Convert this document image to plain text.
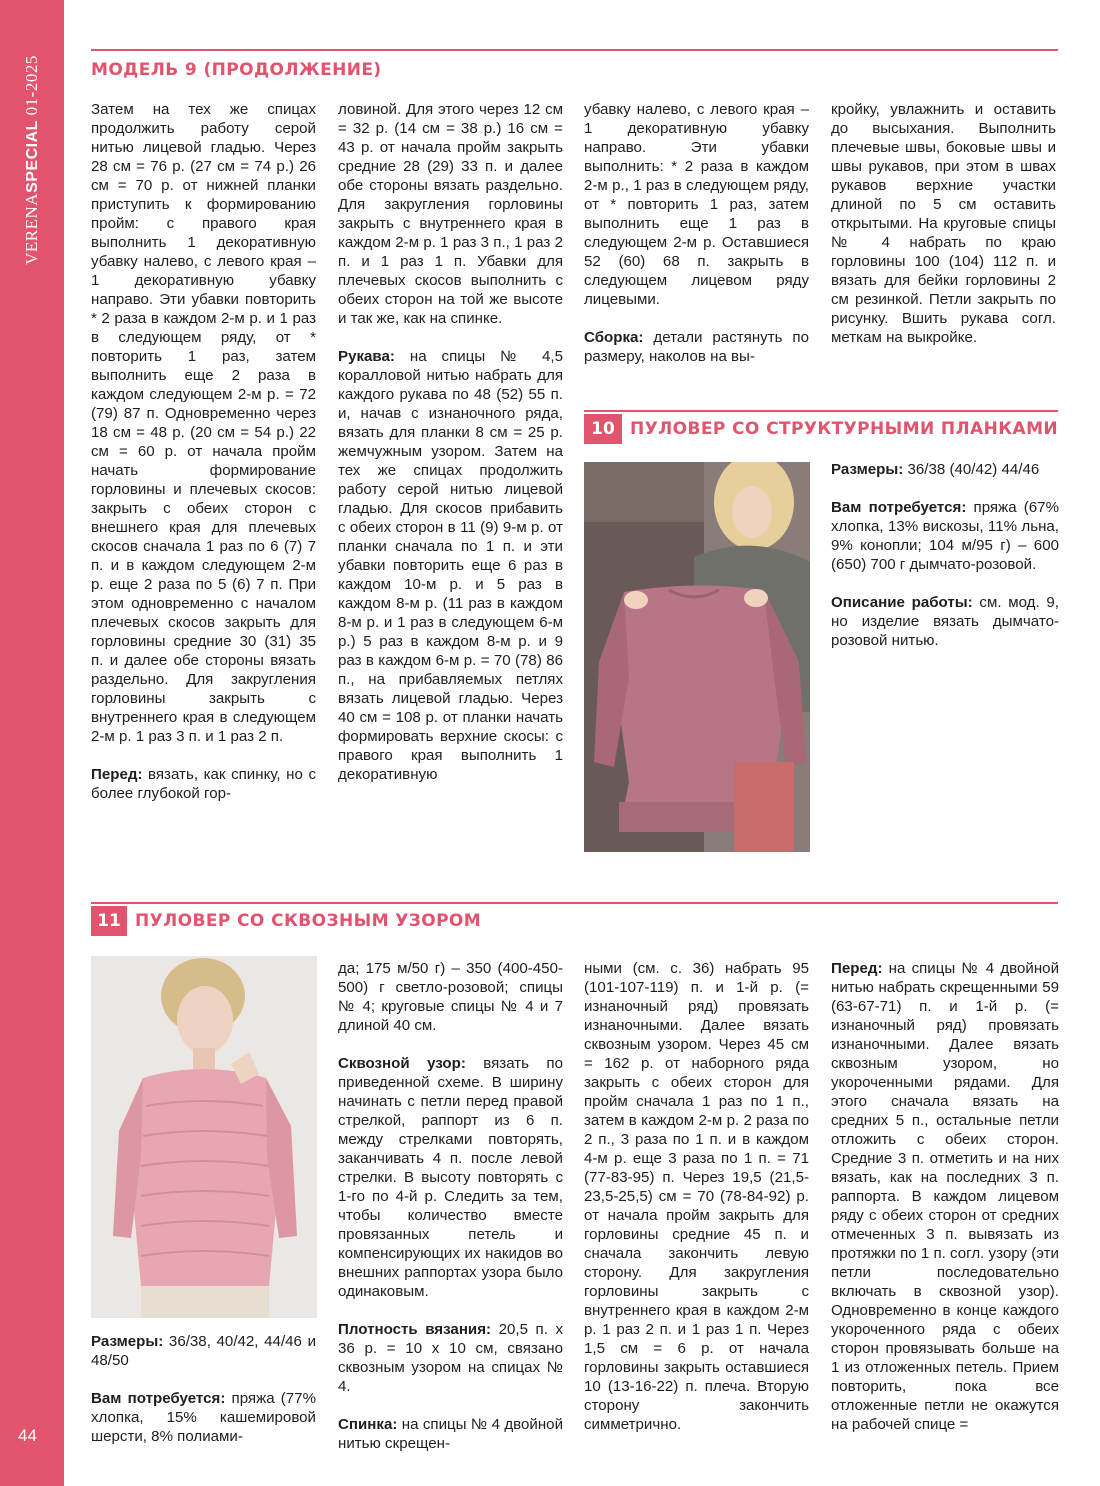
VERENASPECIAL 01-2025
44
МОДЕЛЬ 9 (ПРОДОЛЖЕНИЕ)

Затем на тех же спицах продолжить работу серой нитью лицевой гладью. Через 28 см = 76 р. (27 см = 74 р.) 26 см = 70 р. от нижней планки приступить к формированию пройм: с правого края выполнить 1 декоративную убавку налево, с левого края – 1 декоративную убавку направо. Эти убавки повторить * 2 раза в каждом 2-м р. и 1 раз в следующем ряду, от * повторить 1 раз, затем выполнить еще 2 раза в каждом следующем 2-м р. = 72 (79) 87 п. Одновременно через 18 см = 48 р. (20 см = 54 р.) 22 см = 60 р. от начала пройм начать формирование горловины и плечевых скосов: закрыть с обеих сторон с внешнего края для плечевых скосов сначала 1 раз по 6 (7) 7 п. и в каждом следующем 2-м р. еще 2 раза по 5 (6) 7 п. При этом одновременно с началом плечевых скосов закрыть для горловины средние 30 (31) 35 п. и далее обе стороны вязать раздельно. Для закругления горловины закрыть с внутреннего края в следующем 2-м р. 1 раз 3 п. и 1 раз 2 п.

Перед: вязать, как спинку, но с более глубокой гор-

ловиной. Для этого через 12 см = 32 р. (14 см = 38 р.) 16 см = 43 р. от начала пройм закрыть средние 28 (29) 33 п. и далее обе стороны вязать раздельно. Для закругления горловины закрыть с внутреннего края в каждом 2-м р. 1 раз 3 п., 1 раз 2 п. и 1 раз 1 п. Убавки для плечевых скосов выполнить с обеих сторон на той же высоте и так же, как на спинке.

Рукава: на спицы № 4,5 коралловой нитью набрать для каждого рукава по 48 (52) 55 п. и, начав с изнаночного ряда, вязать для планки 8 см = 25 р. жемчужным узором. Затем на тех же спицах продолжить работу серой нитью лицевой гладью. Для скосов прибавить с обеих сторон в 11 (9) 9-м р. от планки сначала по 1 п. и эти убавки повторить еще 6 раз в каждом 10-м р. и 5 раз в каждом 8-м р. (11 раз в каждом 8-м р. и 1 раз в следующем 6-м р.) 5 раз в каждом 8-м р. и 9 раз в каждом 6-м р. = 70 (78) 86 п., на прибавляемых петлях вязать лицевой гладью. Через 40 см = 108 р. от планки начать формировать верхние скосы: с правого края выполнить 1 декоративную

убавку налево, с левого края – 1 декоративную убавку направо. Эти убавки выполнить: * 2 раза в каждом 2-м р., 1 раз в следующем ряду, от * повторить 1 раз, затем выполнить еще 1 раз в следующем 2-м р. Оставшиеся 52 (60) 68 п. закрыть в следующем лицевом ряду лицевыми.

Сборка: детали растянуть по размеру, наколов на вы-

кройку, увлажнить и оставить до высыхания. Выполнить плечевые швы, боковые швы и швы рукавов, при этом в швах рукавов верхние участки длиной по 5 см оставить открытыми. На круговые спицы № 4 набрать по краю горловины 100 (104) 112 п. и вязать для бейки горловины 2 см резинкой. Петли закрыть по рисунку. Вшить рукава согл. меткам на выкройке.

10 ПУЛОВЕР СО СТРУКТУРНЫМИ ПЛАНКАМИ

Размеры: 36/38 (40/42) 44/46

Вам потребуется: пряжа (67% хлопка, 13% вискозы, 11% льна, 9% конопли; 104 м/95 г) – 600 (650) 700 г дымчато-розовой.

Описание работы: см. мод. 9, но изделие вязать дымчато-розовой нитью.

11 ПУЛОВЕР СО СКВОЗНЫМ УЗОРОМ

Размеры: 36/38, 40/42, 44/46 и 48/50

Вам потребуется: пряжа (77% хлопка, 15% кашемировой шерсти, 8% полиами-

да; 175 м/50 г) – 350 (400-450-500) г светло-розовой; спицы № 4; круговые спицы № 4 и 7 длиной 40 см.

Сквозной узор: вязать по приведенной схеме. В ширину начинать с петли перед правой стрелкой, раппорт из 6 п. между стрелками повторять, заканчивать 4 п. после левой стрелки. В высоту повторять с 1-го по 4-й р. Следить за тем, чтобы количество вместе провязанных петель и компенсирующих их накидов во внешних раппортах узора было одинаковым.

Плотность вязания: 20,5 п. х 36 р. = 10 х 10 см, связано сквозным узором на спицах № 4.

Спинка: на спицы № 4 двойной нитью скрещен-

ными (см. с. 36) набрать 95 (101-107-119) п. и 1-й р. (= изнаночный ряд) провязать изнаночными. Далее вязать сквозным узором. Через 45 см = 162 р. от наборного ряда закрыть с обеих сторон для пройм сначала 1 раз по 1 п., затем в каждом 2-м р. 2 раза по 2 п., 3 раза по 1 п. и в каждом 4-м р. еще 3 раза по 1 п. = 71 (77-83-95) п. Через 19,5 (21,5-23,5-25,5) см = 70 (78-84-92) р. от начала пройм закрыть для горловины средние 45 п. и сначала закончить левую сторону. Для закругления горловины закрыть с внутреннего края в каждом 2-м р. 1 раз 2 п. и 1 раз 1 п. Через 1,5 см = 6 р. от начала горловины закрыть оставшиеся 10 (13-16-22) п. плеча. Вторую сторону закончить симметрично.

Перед: на спицы № 4 двойной нитью набрать скрещенными 59 (63-67-71) п. и 1-й р. (= изнаночный ряд) провязать изнаночными. Далее вязать сквозным узором, но укороченными рядами. Для этого сначала вязать на средних 5 п., остальные петли отложить с обеих сторон. Средние 3 п. отметить и на них вязать, как на последних 3 п. раппорта. В каждом лицевом ряду с обеих сторон от средних отмеченных 3 п. вывязать из протяжки по 1 п. согл. узору (эти петли последовательно включать в сквозной узор). Одновременно в конце каждого укороченного ряда с обеих сторон провязывать больше на 1 из отложенных петель. Прием повторить, пока все отложенные петли не окажутся на рабочей спице =
